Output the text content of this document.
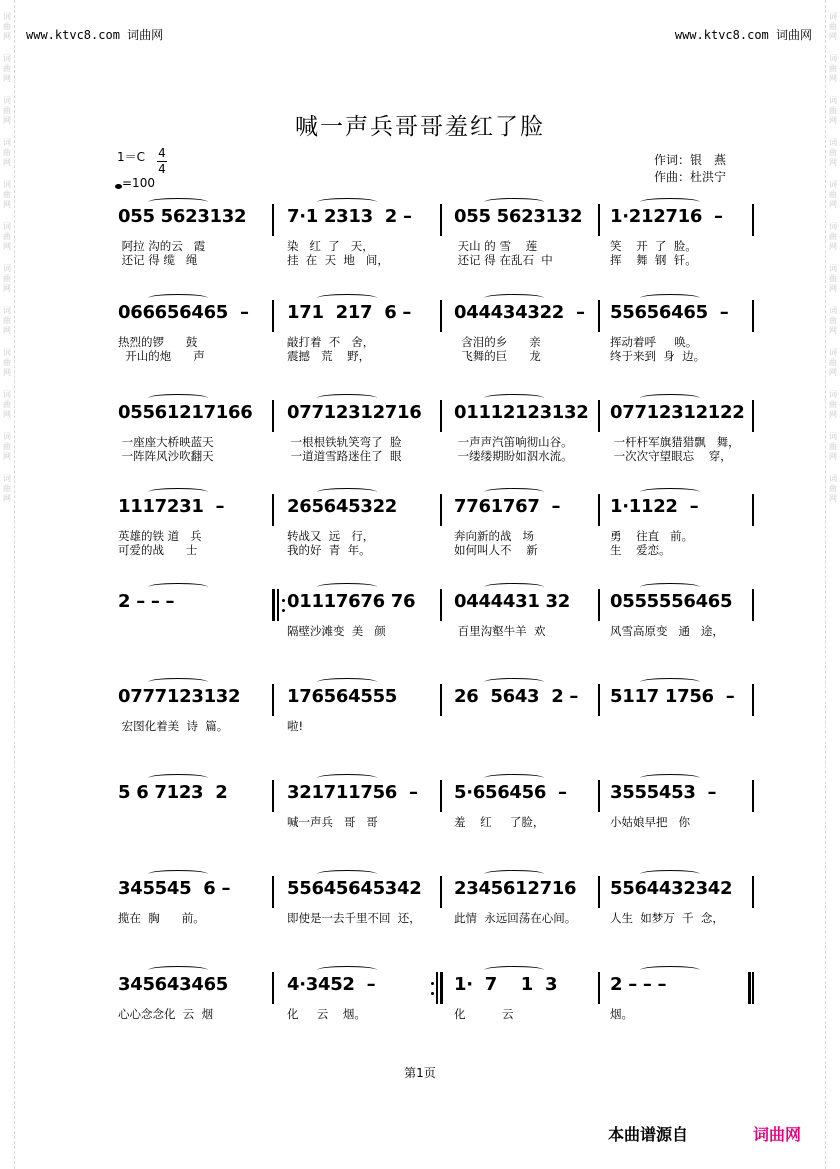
词
曲
网
词
曲
网
词
曲
网
词
曲
网
词
曲
网
词
曲
网
词
曲
网
词
曲
网
词
曲
网
词
曲
网
词
曲
网
词
曲
网
词
曲
网
词
曲
网
词
曲
网
词
曲
网
词
曲
网
词
曲
网
词
曲
网
词
曲
网
词
曲
网
词
曲
网
词
曲
网
词
曲
网
www.ktvc8.com 词曲网	www.ktvc8.com 词曲网
喊一声兵哥哥羞红了脸
1＝C 4
4
=100
作词：银　燕
作曲：杜洪宁
055 5623132
阿拉 沟的云   霞
还记 得 缆   绳
7·1 2313  2 –
染   红  了   天，
挂  在  天  地   间，
055 5623132
天山 的 雪    莲
还记 得 在乱石  中
1·212716  –
笑    开  了  脸。
挥    舞  钢  钎。
066656465  –
热烈的锣      鼓
开山的炮      声
171  217  6 –
敲打着  不   舍，
震撼   荒    野，
044434322  –
含泪的乡      亲
飞舞的巨      龙
55656465  –
挥动着呼     唤。
终于来到  身  边。
05561217166
一座座大桥映蓝天
一阵阵风沙吹翻天
07712312716
一根根铁轨笑弯了  脸
一道道雪路迷住了  眼
01112123132
一声声汽笛响彻山谷。
一缕缕期盼如泅水流。
07712312122
一杆杆军旗猎猎飘   舞，
一次次守望眼忘    穿，
1117231  –
英雄的铁 道   兵
可爱的战      士
265645322
转战又  远   行，
我的好  青  年。
7761767  –
奔向新的战   场
如何叫人不    新
1·1122  –
勇    往直   前。
生    爱恋。
2 – – –	01117676 76
隔壁沙滩变  美   颜
0444431 32
百里沟壑牛羊  欢
0555556465
风雪高原变   通   途，
0777123132
宏图化着美  诗  篇。
176564555
啦!
26  5643  2 – 5117 1756  –
5 6 7123  2	321711756  –
喊一声兵   哥   哥
5·656456  –
羞    红     了脸，
3555453  –
小姑娘早把   你
345545  6 –
揽在  胸      前。
55645645342
即使是一去千里不回  还，
2345612716
此情  永远回荡在心间。
5564432342
人生  如梦万  千  念，
345643465
心心念念化  云  烟
4·3452  –
化     云    烟。
1·  7    1  3
化          云
2 – – –
烟。
第1页
本曲谱源自	词曲网
